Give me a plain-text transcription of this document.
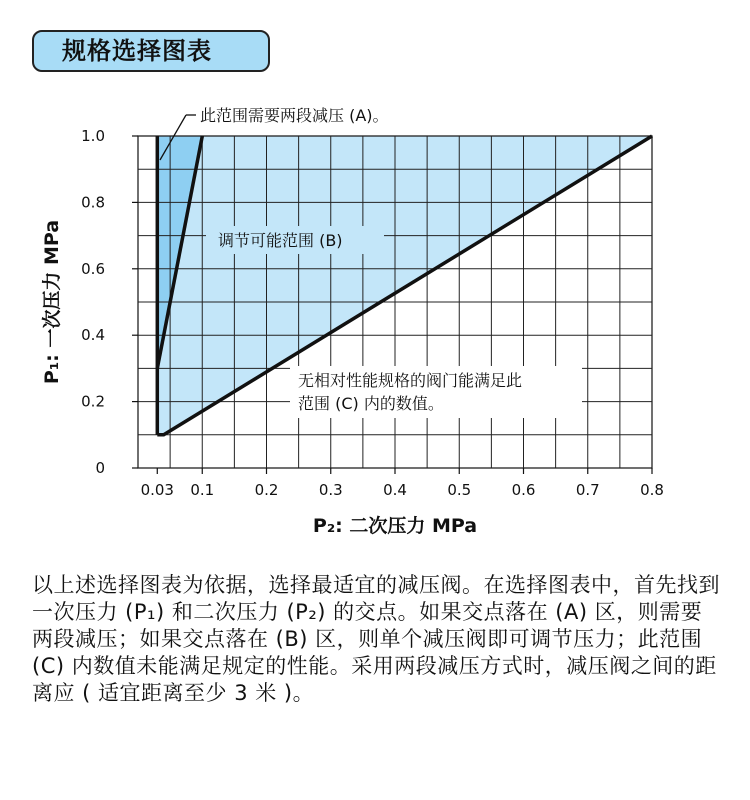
规格选择图表
0.03 0.1	0.2	0.3	0.4	0.5	0.6	0.7	0.8
0
0.2
0.4
0.6
0.8
1.0
此范围需要两段减压 (A)。
调节可能范围 (B)
无相对性能规格的阀门能满足此
范围 (C) 内的数值。
P₂: 二次压力 MPa
P₁: 一次压力 MPa

以上述选择图表为依据，选择最适宜的减压阀。在选择图表中，首先找到一次压力 (P₁) 和二次压力 (P₂) 的交点。如果交点落在 (A) 区，则需要两段减压；如果交点落在 (B) 区，则单个减压阀即可调节压力；此范围 (C) 内数值未能满足规定的性能。采用两段减压方式时，减压阀之间的距离应 ( 适宜距离至少 3 米 )。
